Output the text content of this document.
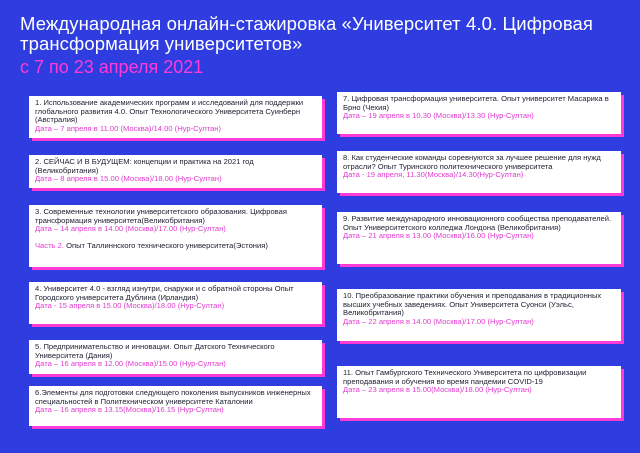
Международная онлайн-стажировка «Университет 4.0. Цифровая трансформация университетов»
с 7 по 23 апреля 2021
1. Использование академических программ и исследований для поддержки глобального развития 4.0. Опыт Технологического Университета Суинберн (Австралия)
Дата – 7 апреля в 11.00 (Москва)/14.00 (Нур-Султан)
2. СЕЙЧАС И В БУДУЩЕМ: концепции и практика на 2021 год (Великобритания)
Дата – 8 апреля в 15.00 (Москва)/18.00 (Нур-Султан)
3. Современные технологии университетского образования. Цифровая трансформация университета(Великобритания)
Дата – 14 апреля в 14.00 (Москва)/17.00 (Нур-Султан)
Часть 2. Опыт Таллиннского технического университета(Эстония)
4. Университет 4.0 - взгляд изнутри, снаружи и с обратной стороны Опыт Городского университета Дублина (Ирландия)
Дата - 15 апреля в 15.00 (Москва)/18.00 (Нур-Султан)
5. Предпринимательство и инновации. Опыт Датского Технического Университета (Дания)
Дата – 16 апреля в 12.00 (Москва)/15.00 (Нур-Султан)
6.Элементы для подготовки следующего поколения выпускников инженерных специальностей в Политехническом университете Каталонии
Дата – 16 апреля в 13.15(Москва)/16.15 (Нур-Султан)
7. Цифровая трансформация университета. Опыт университет Масарика в Брно (Чехия)
Дата – 19 апреля в 10.30 (Москва)/13.30 (Нур-Султан)
8. Как студенческие команды соревнуются за лучшее решение для нужд отрасли? Опыт Туринского политехнического университета
Дата - 19 апреля, 11.30(Москва)/14.30(Нур-Султан)
9. Развитие международного инновационного сообщества преподавателей. Опыт Университетского колледжа Лондона (Великобритания)
Дата – 21 апреля в 13.00 (Москва)/16.00 (Нур-Султан)
10. Преобразование практики обучения и преподавания в традиционных высших учебных заведениях. Опыт Университета Суонси (Уэльс, Великобритания)
Дата – 22 апреля в 14.00 (Москва)/17.00 (Нур-Султан)
11. Опыт Гамбургского Технического Университета по цифровизации преподавания и обучения во время пандемии COVID-19
Дата – 23 апреля в 15.00(Москва)/18.00 (Нур-Султан)
